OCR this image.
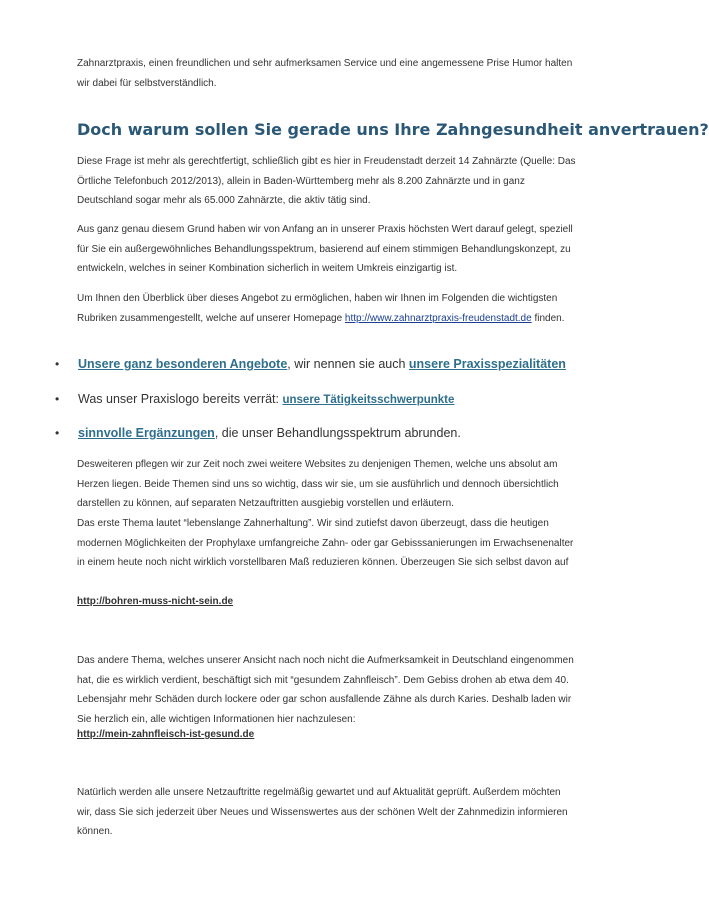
Zahnarztpraxis, einen freundlichen und sehr aufmerksamen Service und eine angemessene Prise Humor halten wir dabei für selbstverständlich.

Doch warum sollen Sie gerade uns Ihre Zahngesundheit anvertrauen?

Diese Frage ist mehr als gerechtfertigt, schließlich gibt es hier in Freudenstadt derzeit 14 Zahnärzte (Quelle: Das Örtliche Telefonbuch 2012/2013), allein in Baden-Württemberg mehr als 8.200 Zahnärzte und in ganz Deutschland sogar mehr als 65.000 Zahnärzte, die aktiv tätig sind.

Aus ganz genau diesem Grund haben wir von Anfang an in unserer Praxis höchsten Wert darauf gelegt, speziell für Sie ein außergewöhnliches Behandlungsspektrum, basierend auf einem stimmigen Behandlungskonzept, zu entwickeln, welches in seiner Kombination sicherlich in weitem Umkreis einzigartig ist.

Um Ihnen den Überblick über dieses Angebot zu ermöglichen, haben wir Ihnen im Folgenden die wichtigsten Rubriken zusammengestellt, welche auf unserer Homepage http://www.zahnarztpraxis-freudenstadt.de finden.

• Unsere ganz besonderen Angebote, wir nennen sie auch unsere Praxisspezialitäten
• Was unser Praxislogo bereits verrät: unsere Tätigkeitsschwerpunkte
• sinnvolle Ergänzungen, die unser Behandlungsspektrum abrunden.

Desweiteren pflegen wir zur Zeit noch zwei weitere Websites zu denjenigen Themen, welche uns absolut am Herzen liegen. Beide Themen sind uns so wichtig, dass wir sie, um sie ausführlich und dennoch übersichtlich darstellen zu können, auf separaten Netzauftritten ausgiebig vorstellen und erläutern.

Das erste Thema lautet “lebenslange Zahnerhaltung”. Wir sind zutiefst davon überzeugt, dass die heutigen modernen Möglichkeiten der Prophylaxe umfangreiche Zahn- oder gar Gebisssanierungen im Erwachsenenalter in einem heute noch nicht wirklich vorstellbaren Maß reduzieren können. Überzeugen Sie sich selbst davon auf

http://bohren-muss-nicht-sein.de

Das andere Thema, welches unserer Ansicht nach noch nicht die Aufmerksamkeit in Deutschland eingenommen hat, die es wirklich verdient, beschäftigt sich mit “gesundem Zahnfleisch”. Dem Gebiss drohen ab etwa dem 40. Lebensjahr mehr Schäden durch lockere oder gar schon ausfallende Zähne als durch Karies. Deshalb laden wir Sie herzlich ein, alle wichtigen Informationen hier nachzulesen:

http://mein-zahnfleisch-ist-gesund.de

Natürlich werden alle unsere Netzauftritte regelmäßig gewartet und auf Aktualität geprüft. Außerdem möchten wir, dass Sie sich jederzeit über Neues und Wissenswertes aus der schönen Welt der Zahnmedizin informieren können.
